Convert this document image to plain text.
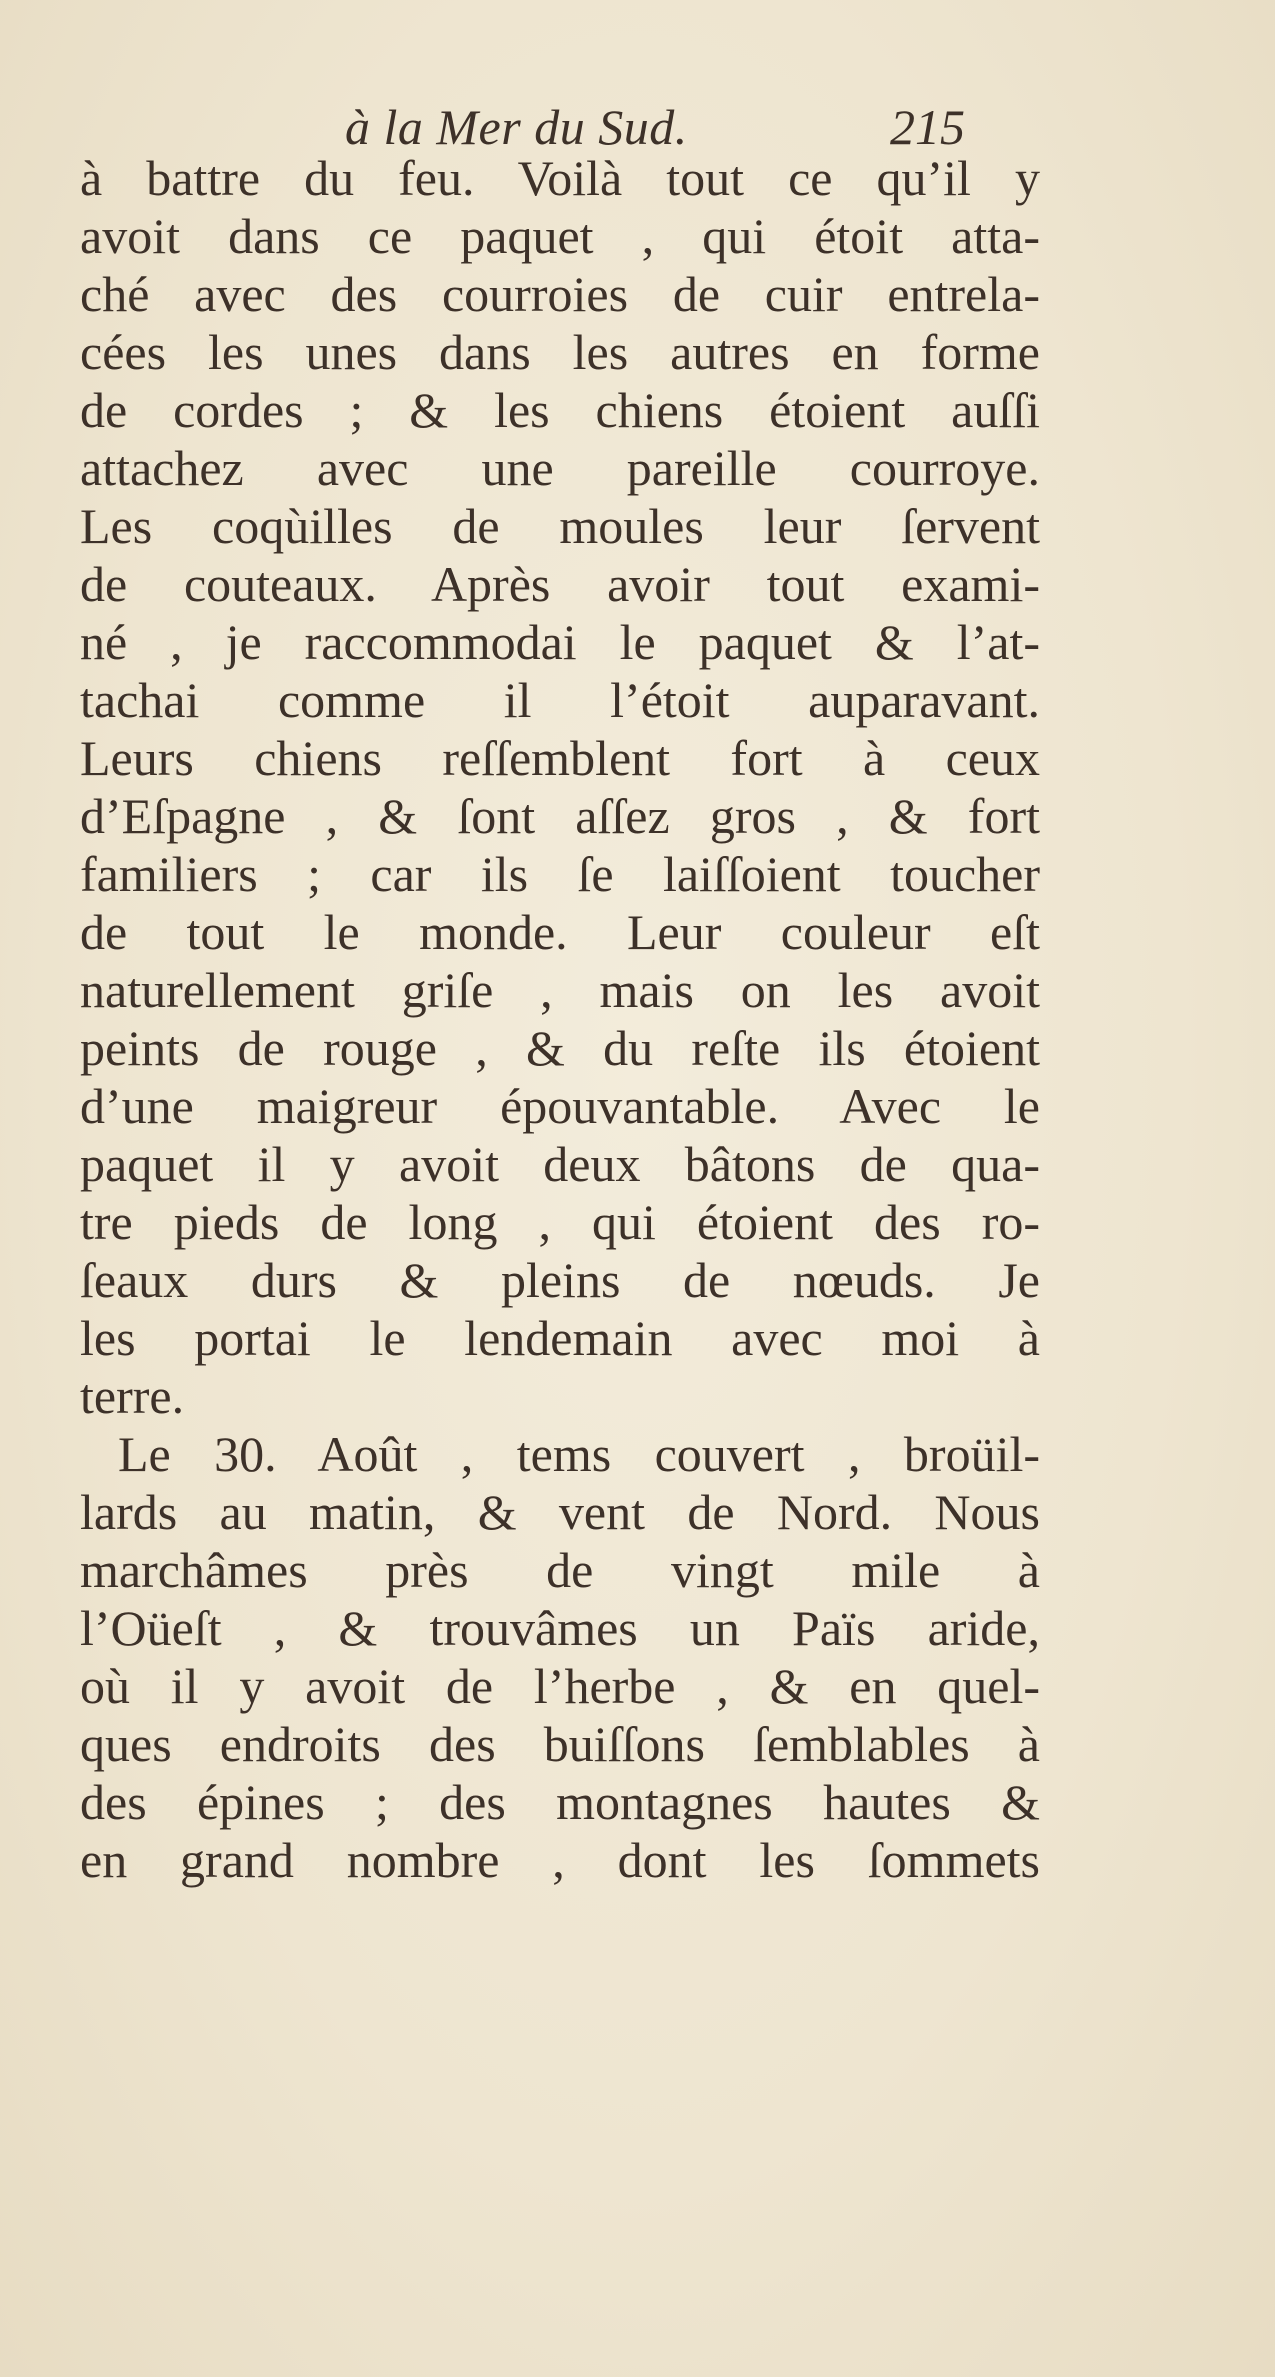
à la Mer du Sud.	215
à battre du feu. Voilà tout ce qu’il y
avoit dans ce paquet , qui étoit atta-
ché avec des courroies de cuir entrela-
cées les unes dans les autres en forme
de cordes ; & les chiens étoient auſſi
attachez avec une pareille courroye.
Les coqùilles de moules leur ſervent
de couteaux. Après avoir tout exami-
né , je raccommodai le paquet & l’at-
tachai comme il l’étoit auparavant.
Leurs chiens reſſemblent fort à ceux
d’Eſpagne , & ſont aſſez gros , & fort
familiers ; car ils ſe laiſſoient toucher
de tout le monde. Leur couleur eſt
naturellement griſe , mais on les avoit
peints de rouge , & du reſte ils étoient
d’une maigreur épouvantable. Avec le
paquet il y avoit deux bâtons de qua-
tre pieds de long , qui étoient des ro-
ſeaux durs & pleins de nœuds. Je
les portai le lendemain avec moi à
terre.
Le 30. Août , tems couvert , broüil-
lards au matin, & vent de Nord. Nous
marchâmes près de vingt mile à
l’Oüeſt , & trouvâmes un Païs aride,
où il y avoit de l’herbe , & en quel-
ques endroits des buiſſons ſemblables à
des épines ; des montagnes hautes &
en grand nombre , dont les ſommets
